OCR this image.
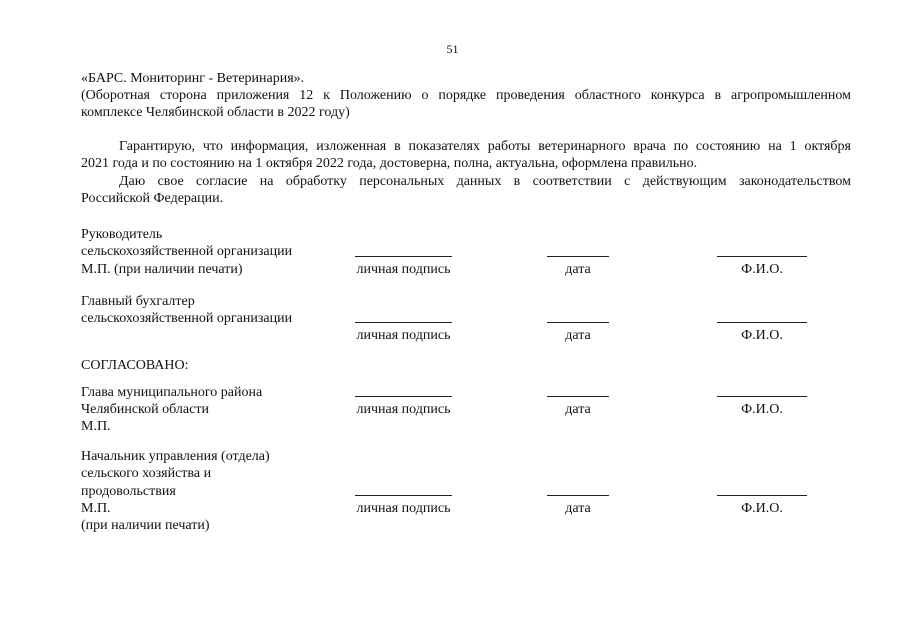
51
«БАРС. Мониторинг - Ветеринария».
(Оборотная сторона приложения 12 к Положению о порядке проведения областного конкурса в агропромышленном
комплексе Челябинской области в 2022 году)
Гарантирую, что информация, изложенная в показателях работы ветеринарного врача по состоянию на 1 октября
2021 года и по состоянию на 1 октября 2022 года, достоверна, полна, актуальна, оформлена правильно.
Даю свое согласие на обработку персональных данных в соответствии с действующим законодательством
Российской Федерации.
Руководитель
сельскохозяйственной организации
М.П. (при наличии печати)	личная подпись	дата	Ф.И.О.
Главный бухгалтер
сельскохозяйственной организации
личная подпись	дата	Ф.И.О.
СОГЛАСОВАНО:
Глава муниципального района
Челябинской области
М.П.
личная подпись	дата	Ф.И.О.
Начальник управления (отдела)
сельского хозяйства и
продовольствия
М.П.
(при наличии печати)
личная подпись	дата	Ф.И.О.
